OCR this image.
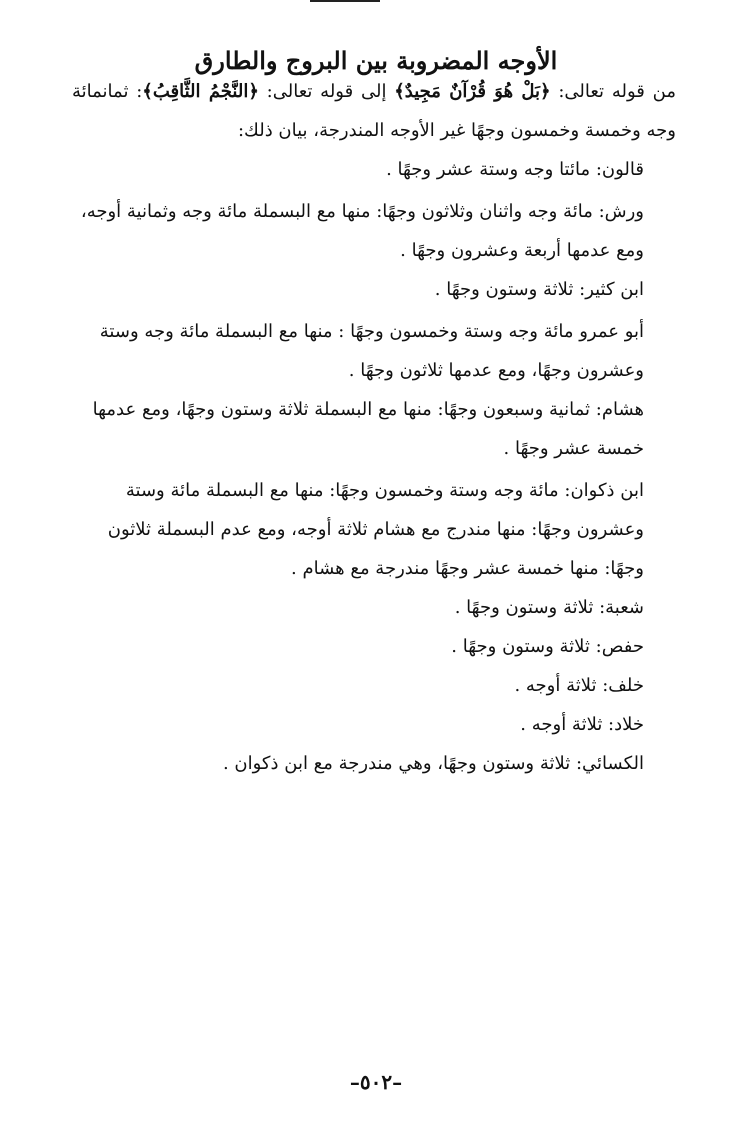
الأوجه المضروبة بين البروج والطارق

من قوله تعالى: ﴿بَلْ هُوَ قُرْآنٌ مَجِيدٌ﴾ إلى قوله تعالى: ﴿النَّجْمُ الثَّاقِبُ﴾: ثمانمائة وجه وخمسة وخمسون وجهًا غير الأوجه المندرجة، بيان ذلك:

قالون: مائتا وجه وستة عشر وجهًا .

ورش: مائة وجه واثنان وثلاثون وجهًا: منها مع البسملة مائة وجه وثمانية أوجه، ومع عدمها أربعة وعشرون وجهًا .

ابن كثير: ثلاثة وستون وجهًا .

أبو عمرو مائة وجه وستة وخمسون وجهًا : منها مع البسملة مائة وجه وستة وعشرون وجهًا، ومع عدمها ثلاثون وجهًا .

هشام: ثمانية وسبعون وجهًا: منها مع البسملة ثلاثة وستون وجهًا، ومع عدمها خمسة عشر وجهًا .

ابن ذكوان: مائة وجه وستة وخمسون وجهًا: منها مع البسملة مائة وستة وعشرون وجهًا: منها مندرج مع هشام ثلاثة أوجه، ومع عدم البسملة ثلاثون وجهًا: منها خمسة عشر وجهًا مندرجة مع هشام .

شعبة: ثلاثة وستون وجهًا .

حفص: ثلاثة وستون وجهًا .

خلف: ثلاثة أوجه .

خلاد: ثلاثة أوجه .

الكسائي: ثلاثة وستون وجهًا، وهي مندرجة مع ابن ذكوان .

–٥٠٢–
